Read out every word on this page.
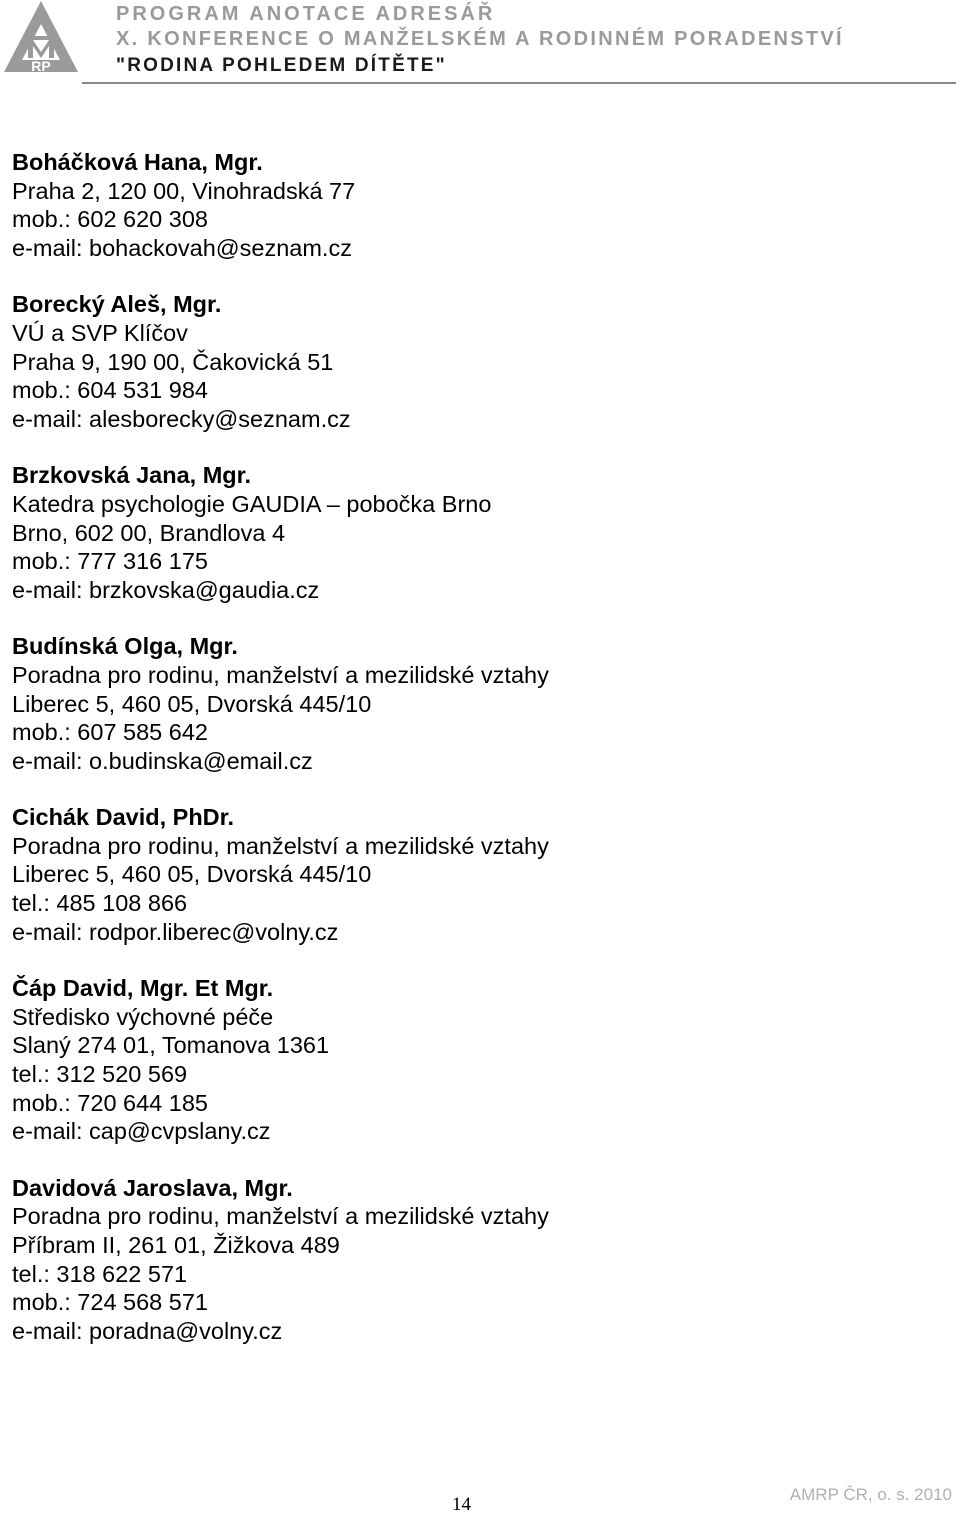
RP
PROGRAM ANOTACE ADRESÁŘ
X. KONFERENCE O MANŽELSKÉM A RODINNÉM PORADENSTVÍ
"RODINA POHLEDEM DÍTĚTE"
Boháčková Hana, Mgr.
Praha 2, 120 00, Vinohradská 77
mob.: 602 620 308
e-mail: bohackovah@seznam.cz
Borecký Aleš, Mgr.
VÚ a SVP Klíčov
Praha 9, 190 00, Čakovická 51
mob.: 604 531 984
e-mail: alesborecky@seznam.cz
Brzkovská Jana, Mgr.
Katedra psychologie GAUDIA – pobočka Brno
Brno, 602 00, Brandlova 4
mob.: 777 316 175
e-mail: brzkovska@gaudia.cz
Budínská Olga, Mgr.
Poradna pro rodinu, manželství a mezilidské vztahy
Liberec 5, 460 05, Dvorská 445/10
mob.: 607 585 642
e-mail: o.budinska@email.cz
Cichák David, PhDr.
Poradna pro rodinu, manželství a mezilidské vztahy
Liberec 5, 460 05, Dvorská 445/10
tel.: 485 108 866
e-mail: rodpor.liberec@volny.cz
Čáp David, Mgr. Et Mgr.
Středisko výchovné péče
Slaný 274 01, Tomanova 1361
tel.: 312 520 569
mob.: 720 644 185
e-mail: cap@cvpslany.cz
Davidová Jaroslava, Mgr.
Poradna pro rodinu, manželství a mezilidské vztahy
Příbram II, 261 01, Žižkova 489
tel.: 318 622 571
mob.: 724 568 571
e-mail: poradna@volny.cz
14	AMRP ČR, o. s. 2010
